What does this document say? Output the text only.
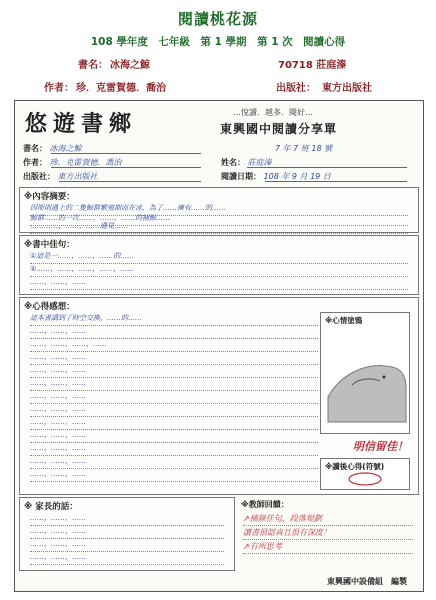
閱讀桃花源
108 學年度　七年級　第 1 學期　第 1 次　閱讀心得
書名： 冰海之鯨	70718 莊庭溱
作者： 珍．克雷賀德．喬治	出版社： 東方出版社
悠遊書鄉	…悅讀．越多．閱好…
東興國中閱讀分享單
書名： 冰海之鯨	7 年 7 班 18 號
作者： 珍．克雷賀德．喬治	姓名： 莊庭溱
出版社： 東方出版社	閱讀日期： 108 年 9 月 19 日
※內容摘要：
因斯則遇上的二隻鯨群繁殖期而在冰，為了……擁有……的……
鯨群……的一次……，……，……的捕鯨……
…………，……，……遇見……
※書中佳句：
①這是一……，……，……的……
②……，……，……，……，……
……，……，……
※心得感想：
這本書講到了時空交換，……的……
……，……，……
……，……，……，……
……，……，……
……，……，……
……，……，……
……，……，……
……，……，……
……，……，……
……，……，……
……，……，……
……，……，……
……，……，……
※心情塗鴉
明信留佳！
※讀後心得(符號)
※ 家長的話：
……，……，……
……，……，……
……，……，……
……，……，……
※教師回饋：
↗摘錄佳句，段落規劃
讀書很認真且很有深度！
↗有所思考
東興國中設備組　編製
